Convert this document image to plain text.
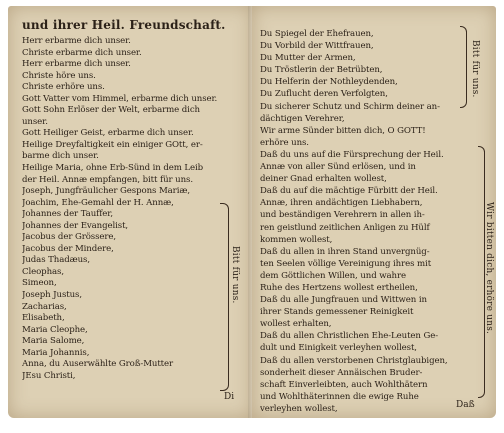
und ihrer Heil. Freundschaft.
Herr erbarme dich unser.
Christe erbarme dich unser.
Herr erbarme dich unser.
Christe höre uns.
Christe erhöre uns.
Gott Vatter vom Himmel, erbarme dich unser.
Gott Sohn Erlöser der Welt, erbarme dich
unser.
Gott Heiliger Geist, erbarme dich unser.
Heilige Dreyfaltigkeit ein einiger GOtt, er-
barme dich unser.
Heilige Maria, ohne Erb-Sünd in dem Leib
der Heil. Annæ empfangen, bitt für uns.
Joseph, Jungfräulicher Gespons Mariæ,
Joachim, Ehe-Gemahl der H. Annæ,
Johannes der Tauffer,
Johannes der Evangelist,
Jacobus der Grössere,
Jacobus der Mindere,
Judas Thadæus,
Cleophas,
Simeon,
Joseph Justus,
Zacharias,
Elisabeth,
Maria Cleophe,
Maria Salome,
Maria Johannis,
Anna, du Auserwählte Groß-Mutter
JEsu Christi,
Bitt für uns.
Di
Du Spiegel der Ehefrauen,
Du Vorbild der Wittfrauen,
Du Mutter der Armen,
Du Tröstlerin der Betrübten,
Du Helferin der Nothleydenden,
Du Zuflucht deren Verfolgten,
Du sicherer Schutz und Schirm deiner an-
dächtigen Verehrer,
Wir arme Sünder bitten dich, O GOTT!
erhöre uns.
Daß du uns auf die Fürsprechung der Heil.
Annæ von aller Sünd erlösen, und in
deiner Gnad erhalten wollest,
Daß du auf die mächtige Fürbitt der Heil.
Annæ, ihren andächtigen Liebhabern,
und beständigen Verehrern in allen ih-
ren geistlund zeitlichen Anligen zu Hülf
kommen wollest,
Daß du allen in ihren Stand unvergnüg-
ten Seelen völlige Vereinigung ihres mit
dem Göttlichen Willen, und wahre
Ruhe des Hertzens wollest ertheilen,
Daß du alle Jungfrauen und Wittwen in
ihrer Stands gemessener Reinigkeit
wollest erhalten,
Daß du allen Christlichen Ehe-Leuten Ge-
dult und Einigkeit verleyhen wollest,
Daß du allen verstorbenen Christglaubigen,
sonderheit dieser Annäischen Bruder-
schaft Einverleibten, auch Wohlthätern
und Wohlthäterinnen die ewige Ruhe
verleyhen wollest,
Bitt für uns.
Wir bitten dich, erhöre uns.
Daß
